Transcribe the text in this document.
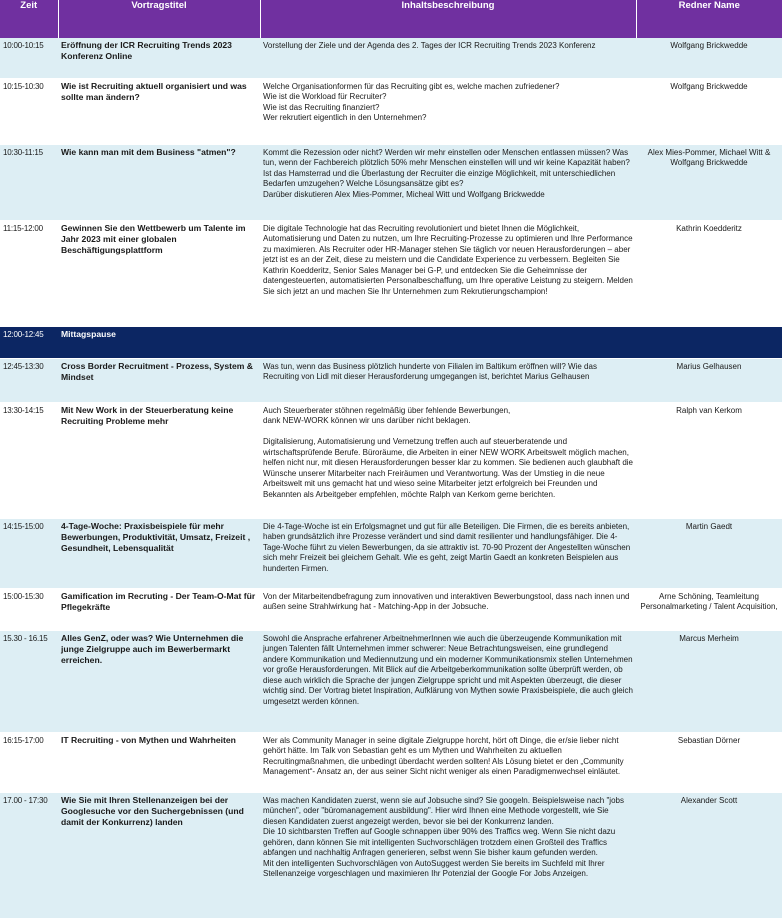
Zeit	Vortragstitel	Inhaltsbeschreibung	Redner Name
10:00-10:15	Eröffnung der ICR Recruiting Trends 2023 Konferenz Online	Vorstellung der Ziele und der Agenda des 2. Tages der ICR Recruiting Trends 2023 Konferenz	Wolfgang Brickwedde
10:15-10:30	Wie ist Recruiting aktuell organisiert und was sollte man ändern?	Welche Organisationformen für das Recruiting gibt es, welche machen zufriedener?
Wie ist die Workload für Recruiter?
Wie ist das Recruiting finanziert?
Wer rekrutiert eigentlich in den Unternehmen?	Wolfgang Brickwedde
10:30-11:15	Wie kann man mit dem Business "atmen"?	Kommt die Rezession oder nicht? Werden wir mehr einstellen oder Menschen entlassen müssen? Was tun, wenn der Fachbereich plötzlich 50% mehr Menschen einstellen will und wir keine Kapazität haben? Ist das Hamsterrad und die Überlastung der Recruiter die einzige Möglichkeit, mit unterschiedlichen Bedarfen umzugehen? Welche Lösungsansätze gibt es?
Darüber diskutieren Alex Mies-Pommer, Micheal Witt und Wolfgang Brickwedde	Alex Mies-Pommer, Michael Witt & Wolfgang Brickwedde
11:15-12:00	Gewinnen Sie den Wettbewerb um Talente im Jahr 2023 mit einer globalen Beschäftigungsplattform	Die digitale Technologie hat das Recruiting revolutioniert und bietet Ihnen die Möglichkeit, Automatisierung und Daten zu nutzen, um Ihre Recruiting-Prozesse zu optimieren und Ihre Performance zu maximieren. Als Recruiter oder HR-Manager stehen Sie täglich vor neuen Herausforderungen – aber jetzt ist es an der Zeit, diese zu meistern und die Candidate Experience zu verbessern. Begleiten Sie Kathrin Koedderitz, Senior Sales Manager bei G-P, und entdecken Sie die Geheimnisse der datengesteuerten, automatisierten Personalbeschaffung, um Ihre operative Leistung zu steigern. Melden Sie sich jetzt an und machen Sie Ihr Unternehmen zum Rekrutierungschampion!	Kathrin Koedderitz
12:00-12:45	Mittagspause		
12:45-13:30	Cross Border Recruitment - Prozess, System & Mindset	Was tun, wenn das Business plötzlich hunderte von Filialen im Baltikum eröffnen will? Wie das Recruiting von Lidl mit dieser Herausforderung umgegangen ist, berichtet Marius Gelhausen	Marius Gelhausen
13:30-14:15	Mit New Work in der Steuerberatung keine Recruiting Probleme mehr	Auch Steuerberater stöhnen regelmäßig über fehlende Bewerbungen,
dank NEW-WORK können wir uns darüber nicht beklagen.

Digitalisierung, Automatisierung und Vernetzung treffen auch auf steuerberatende und wirtschaftsprüfende Berufe. Büroräume, die Arbeiten in einer NEW WORK Arbeitswelt möglich machen, helfen nicht nur, mit diesen Herausforderungen besser klar zu kommen. Sie bedienen auch glaubhaft die Wünsche unserer Mitarbeiter nach Freiräumen und Verantwortung. Was der Umstieg in die neue Arbeitswelt mit uns gemacht hat und wieso seine Mitarbeiter jetzt erfolgreich bei Freunden und Bekannten als Arbeitgeber empfehlen, möchte Ralph van Kerkom gerne berichten.	Ralph van Kerkom
14:15-15:00	4-Tage-Woche: Praxisbeispiele für mehr Bewerbungen, Produktivität, Umsatz, Freizeit , Gesundheit, Lebensqualität	Die 4-Tage-Woche ist ein Erfolgsmagnet und gut für alle Beteiligen. Die Firmen, die es bereits anbieten, haben grundsätzlich ihre Prozesse verändert und sind damit resilienter und handlungsfähiger. Die 4-Tage-Woche führt zu vielen Bewerbungen, da sie attraktiv ist. 70-90 Prozent der Angestellten wünschen sich mehr Freizeit bei gleichem Gehalt. Wie es geht, zeigt Martin Gaedt an konkreten Beispielen aus hunderten Firmen.	Martin Gaedt
15:00-15:30	Gamification im Recruting - Der Team-O-Mat für Pflegekräfte	Von der Mitarbeitendbefragung zum innovativen und interaktiven Bewerbungstool, dass nach innen und außen seine Strahlwirkung hat - Matching-App in der Jobsuche.	Arne Schöning, Teamleitung Personalmarketing / Talent Acquisition,
15.30 - 16.15	Alles GenZ, oder was? Wie Unternehmen die junge Zielgruppe auch im Bewerbermarkt erreichen.	Sowohl die Ansprache erfahrener ArbeitnehmerInnen wie auch die überzeugende Kommunikation mit jungen Talenten fällt Unternehmen immer schwerer: Neue Betrachtungsweisen, eine grundlegend andere Kommunikation und Mediennutzung und ein moderner Kommunikationsmix stellen Unternehmen vor große Herausforderungen. Mit Blick auf die Arbeitgeberkommunikation sollte überprüft werden, ob diese auch wirklich die Sprache der jungen Zielgruppe spricht und mit Aspekten überzeugt, die dieser wichtig sind. Der Vortrag bietet Inspiration, Aufklärung von Mythen sowie Praxisbeispiele, die auch gleich umgesetzt werden können.	Marcus Merheim
16:15-17:00	IT Recruiting - von Mythen und Wahrheiten	Wer als Community Manager in seine digitale Zielgruppe horcht, hört oft Dinge, die er/sie lieber nicht gehört hätte. Im Talk von Sebastian geht es um Mythen und Wahrheiten zu aktuellen Recruitingmaßnahmen, die unbedingt überdacht werden sollten! Als Lösung bietet er den „Community Management“- Ansatz an, der aus seiner Sicht nicht weniger als einen Paradigmenwechsel einläutet.	Sebastian Dörner
17.00 - 17:30	Wie Sie mit Ihren Stellenanzeigen bei der Googlesuche vor den Suchergebnissen (und damit der Konkurrenz) landen	Was machen Kandidaten zuerst, wenn sie auf Jobsuche sind? Sie googeln. Beispielsweise nach "jobs münchen", oder "büromanagement ausbildung". Hier wird Ihnen eine Methode vorgestellt, wie Sie diesen Kandidaten zuerst angezeigt werden, bevor sie bei der Konkurrenz landen.
Die 10 sichtbarsten Treffen auf Google schnappen über 90% des Traffics weg. Wenn Sie nicht dazu gehören, dann können Sie mit intelligenten Suchvorschlägen trotzdem einen Großteil des Traffics abfangen und nachhaltig Anfragen generieren, selbst wenn Sie bisher kaum gefunden werden.
Mit den intelligenten Suchvorschlägen von AutoSuggest werden Sie bereits im Suchfeld mit Ihrer Stellenanzeige vorgeschlagen und maximieren Ihr Potenzial der Google For Jobs Anzeigen.	Alexander Scott
